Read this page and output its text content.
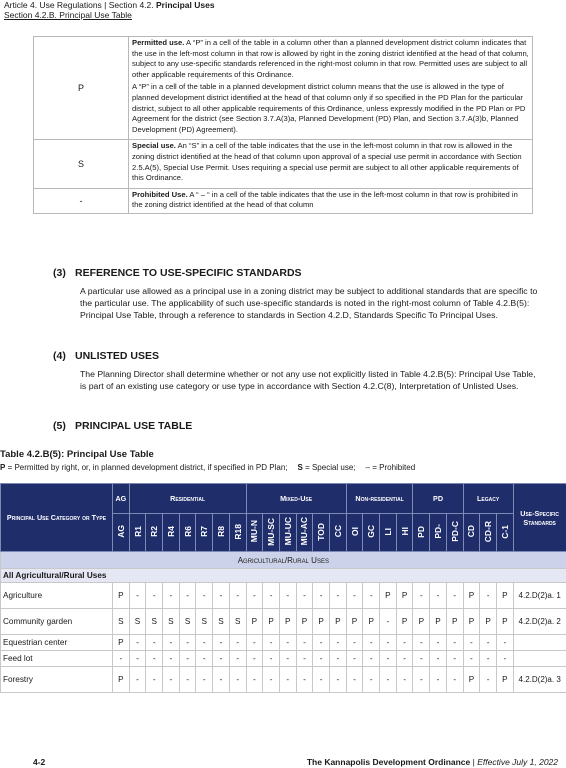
Article 4. Use Regulations | Section 4.2. Principal Uses
Section 4.2.B. Principal Use Table
P	Permitted use. A “P” in a cell of the table in a column other than a planned development district column indicates that the use in the left-most column in that row is allowed by right in the zoning district identified at the head of that column, subject to any use-specific standards referenced in the right-most column in that row. Permitted uses are subject to all other applicable requirements of this Ordinance.

A “P” in a cell of the table in a planned development district column means that the use is allowed in the type of planned development district identified at the head of that column only if so specified in the PD Plan for the particular district, subject to all other applicable requirements of this Ordinance, unless expressly modified in the PD Plan or PD Agreement for the district (see Section 3.7.A(3)a, Planned Development (PD) Plan, and Section 3.7.A(3)b, Planned Development (PD) Agreement).

S	Special use. An “S” in a cell of the table indicates that the use in the left-most column in that row is allowed in the zoning district identified at the head of that column upon approval of a special use permit in accordance with Section 2.5.A(5), Special Use Permit. Uses requiring a special use permit are subject to all other applicable requirements of this Ordinance.

-	Prohibited Use. A “ – “ in a cell of the table indicates that the use in the left-most column in that row is prohibited in the zoning district identified at the head of that column

(3) REFERENCE TO USE-SPECIFIC STANDARDS

A particular use allowed as a principal use in a zoning district may be subject to additional standards that are specific to the particular use. The applicability of such use-specific standards is noted in the right-most column of Table 4.2.B(5): Principal Use Table, through a reference to standards in Section 4.2.D, Standards Specific To Principal Uses.

(4) UNLISTED USES

The Planning Director shall determine whether or not any use not explicitly listed in Table 4.2.B(5): Principal Use Table, is part of an existing use category or use type in accordance with Section 4.2.C(8), Interpretation of Unlisted Uses.

(5) PRINCIPAL USE TABLE
Table 4.2.B(5): Principal Use Table
P = Permitted by right, or, in planned development district, if specified in PD Plan; S = Special use; – = Prohibited
Principal Use Category or Type	AG	Residential							Mixed-Use						Non-residential				PD			Legacy			Use-Specific Standards
	AG	R1	R2	R4	R6	R7	R8	R18	MU-N	MU-SC	MU-UC	MU-AC	TOD	CC	OI	GC	LI	HI	PD	PD-	PD-C	CD	CD-R	C-1	
Agricultural/Rural Uses																									
All Agricultural/Rural Uses																									
Agriculture	P	-	-	-	-	-	-	-	-	-	-	-	-	-	-	-	P	P	-	-	-	P	-	P	4.2.D(2)a. 1
Community garden	S	S	S	S	S	S	S	S	P	P	P	P	P	P	P	P	-	P	P	P	P	P	P	P	4.2.D(2)a. 2
Equestrian center	P	-	-	-	-	-	-	-	-	-	-	-	-	-	-	-	-	-	-	-	-	-	-	-	
Feed lot	-	-	-	-	-	-	-	-	-	-	-	-	-	-	-	-	-	-	-	-	-	-	-	-	
Forestry	P	-	-	-	-	-	-	-	-	-	-	-	-	-	-	-	-	-	-	-	-	P	-	P	4.2.D(2)a. 3
4-2	The Kannapolis Development Ordinance | Effective July 1, 2022
